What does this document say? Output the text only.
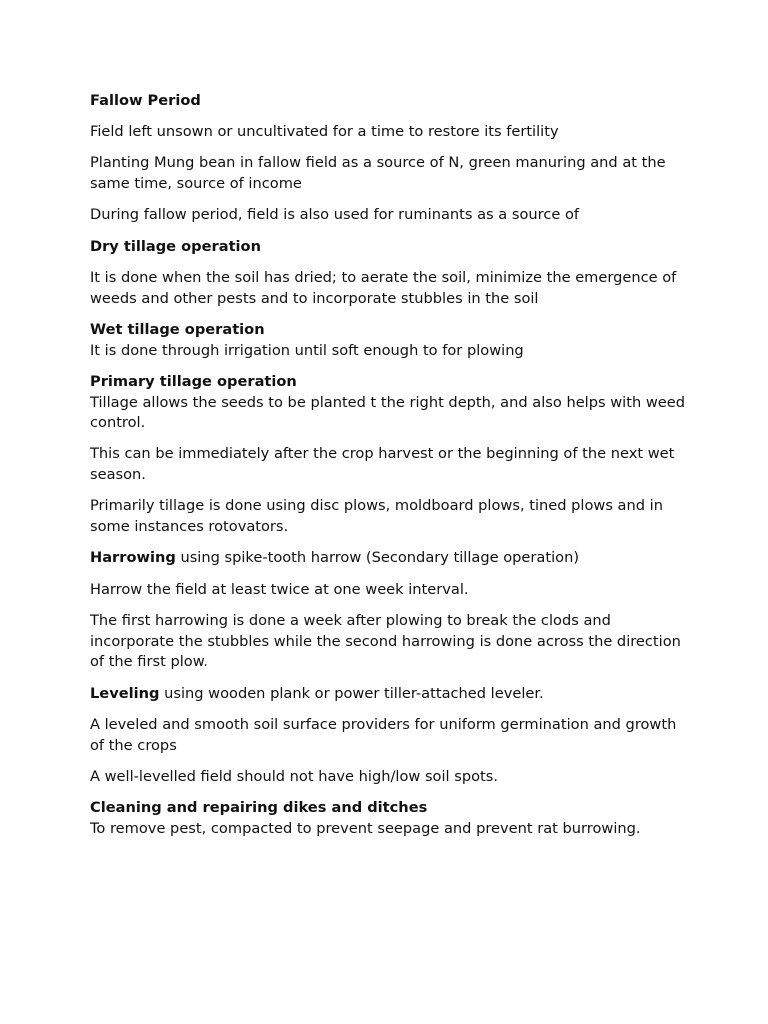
Fallow Period

Field left unsown or uncultivated for a time to restore its fertility

Planting Mung bean in fallow field as a source of N, green manuring and at the same time, source of income

During fallow period, field is also used for ruminants as a source of

Dry tillage operation

It is done when the soil has dried; to aerate the soil, minimize the emergence of weeds and other pests and to incorporate stubbles in the soil

Wet tillage operation

It is done through irrigation until soft enough to for plowing

Primary tillage operation

Tillage allows the seeds to be planted t the right depth, and also helps with weed control.

This can be immediately after the crop harvest or the beginning of the next wet season.

Primarily tillage is done using disc plows, moldboard plows, tined plows and in some instances rotovators.

Harrowing using spike-tooth harrow (Secondary tillage operation)

Harrow the field at least twice at one week interval.

The first harrowing is done a week after plowing to break the clods and incorporate the stubbles while the second harrowing is done across the direction of the first plow.

Leveling using wooden plank or power tiller-attached leveler.

A leveled and smooth soil surface providers for uniform germination and growth of the crops

A well-levelled field should not have high/low soil spots.

Cleaning and repairing dikes and ditches

To remove pest, compacted to prevent seepage and prevent rat burrowing.
